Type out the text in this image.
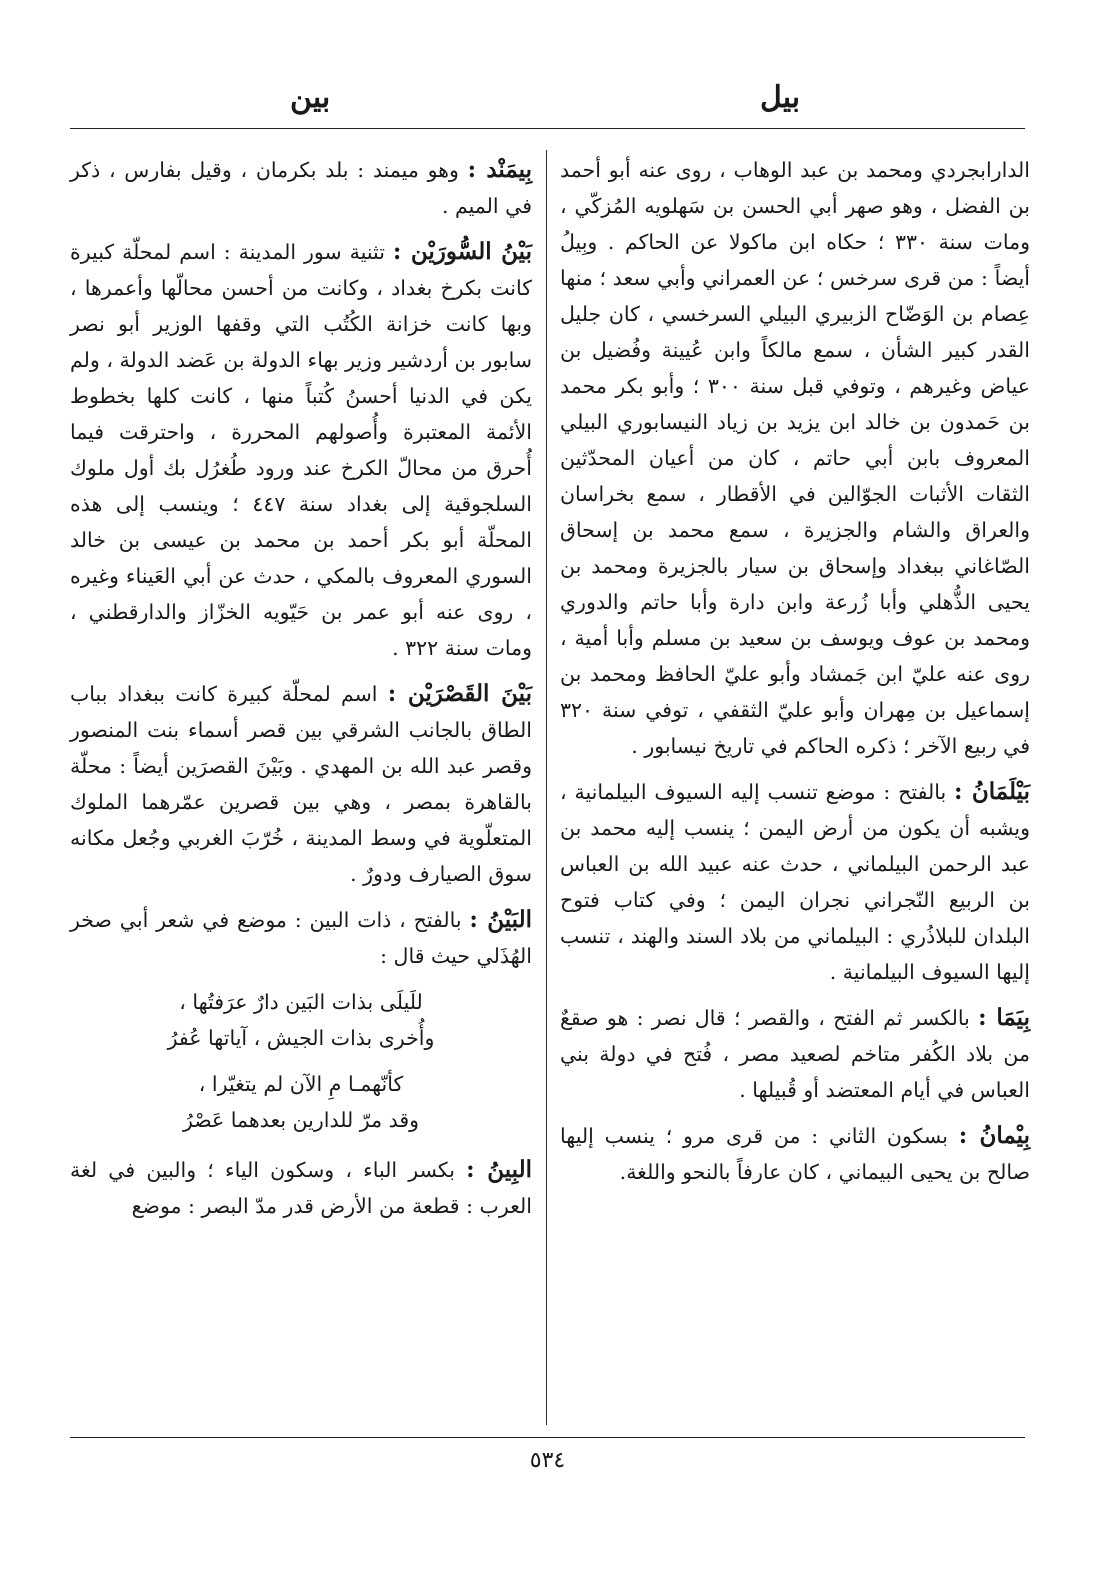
بيل
بين

الدارابجردي ومحمد بن عبد الوهاب ، روى عنه أبو أحمد بن الفضل ، وهو صهر أبي الحسن بن سَهلويه المُزكّي ، ومات سنة ٣٣٠ ؛ حكاه ابن ماكولا عن الحاكم . وبِيلُ أيضاً : من قرى سرخس ؛ عن العمراني وأبي سعد ؛ منها عِصام بن الوَضّاح الزبيري البيلي السرخسي ، كان جليل القدر كبير الشأن ، سمع مالكاً وابن عُيينة وفُضيل بن عياض وغيرهم ، وتوفي قبل سنة ٣٠٠ ؛ وأبو بكر محمد بن حَمدون بن خالد ابن يزيد بن زياد النيسابوري البيلي المعروف بابن أبي حاتم ، كان من أعيان المحدّثين الثقات الأثبات الجوّالين في الأقطار ، سمع بخراسان والعراق والشام والجزيرة ، سمع محمد بن إسحاق الصّاغاني ببغداد وإسحاق بن سيار بالجزيرة ومحمد بن يحيى الذُّهلي وأبا زُرعة وابن دارة وأبا حاتم والدوري ومحمد بن عوف ويوسف بن سعيد بن مسلم وأبا أمية ، روى عنه عليّ ابن جَمشاد وأبو عليّ الحافظ ومحمد بن إسماعيل بن مِهران وأبو عليّ الثقفي ، توفي سنة ٣٢٠ في ربيع الآخر ؛ ذكره الحاكم في تاريخ نيسابور .

بَيْلَمَانُ : بالفتح : موضع تنسب إليه السيوف البيلمانية ، ويشبه أن يكون من أرض اليمن ؛ ينسب إليه محمد بن عبد الرحمن البيلماني ، حدث عنه عبيد الله بن العباس بن الربيع النّجراني نجران اليمن ؛ وفي كتاب فتوح البلدان للبلاذُري : البيلماني من بلاد السند والهند ، تنسب إليها السيوف البيلمانية .

بِيَمَا : بالكسر ثم الفتح ، والقصر ؛ قال نصر : هو صقعٌ من بلاد الكُفر متاخم لصعيد مصر ، فُتح في دولة بني العباس في أيام المعتضد أو قُبيلها .

بِيْمانُ : بسكون الثاني : من قرى مرو ؛ ينسب إليها صالح بن يحيى البيماني ، كان عارفاً بالنحو واللغة.

بِيمَنْد : وهو ميمند : بلد بكرمان ، وقيل بفارس ، ذكر في الميم .

بَيْنُ السُّورَيْن : تثنية سور المدينة : اسم لمحلّة كبيرة كانت بكرخ بغداد ، وكانت من أحسن محالّها وأعمرها ، وبها كانت خزانة الكُتُب التي وقفها الوزير أبو نصر سابور بن أردشير وزير بهاء الدولة بن عَضد الدولة ، ولم يكن في الدنيا أحسنُ كُتباً منها ، كانت كلها بخطوط الأئمة المعتبرة وأُصولهم المحررة ، واحترقت فيما أُحرق من محالّ الكرخ عند ورود طُغرُل بك أول ملوك السلجوقية إلى بغداد سنة ٤٤٧ ؛ وينسب إلى هذه المحلّة أبو بكر أحمد بن محمد بن عيسى بن خالد السوري المعروف بالمكي ، حدث عن أبي العَيناء وغيره ، روى عنه أبو عمر بن حَيّويه الخزّاز والدارقطني ، ومات سنة ٣٢٢ .

بَيْنَ القَصْرَيْن : اسم لمحلّة كبيرة كانت ببغداد بباب الطاق بالجانب الشرقي بين قصر أسماء بنت المنصور وقصر عبد الله بن المهدي . وبَيْنَ القصرَين أيضاً : محلّة بالقاهرة بمصر ، وهي بين قصرين عمّرهما الملوك المتعلّوية في وسط المدينة ، خُرّبَ الغربي وجُعل مكانه سوق الصيارف ودورٌ .

البَيْنُ : بالفتح ، ذات البين : موضع في شعر أبي صخر الهُذَلي حيث قال :

للَيلَى بذات البَين دارٌ عرَفتُها ،
وأُخرى بذات الجيش ، آياتها عُفرُ
كأنّهمـا مِ الآن لم يتغيّرا ،
وقد مرّ للدارين بعدهما عَصْرُ

البِينُ : بكسر الباء ، وسكون الياء ؛ والبين في لغة العرب : قطعة من الأرض قدر مدّ البصر : موضع

٥٣٤
